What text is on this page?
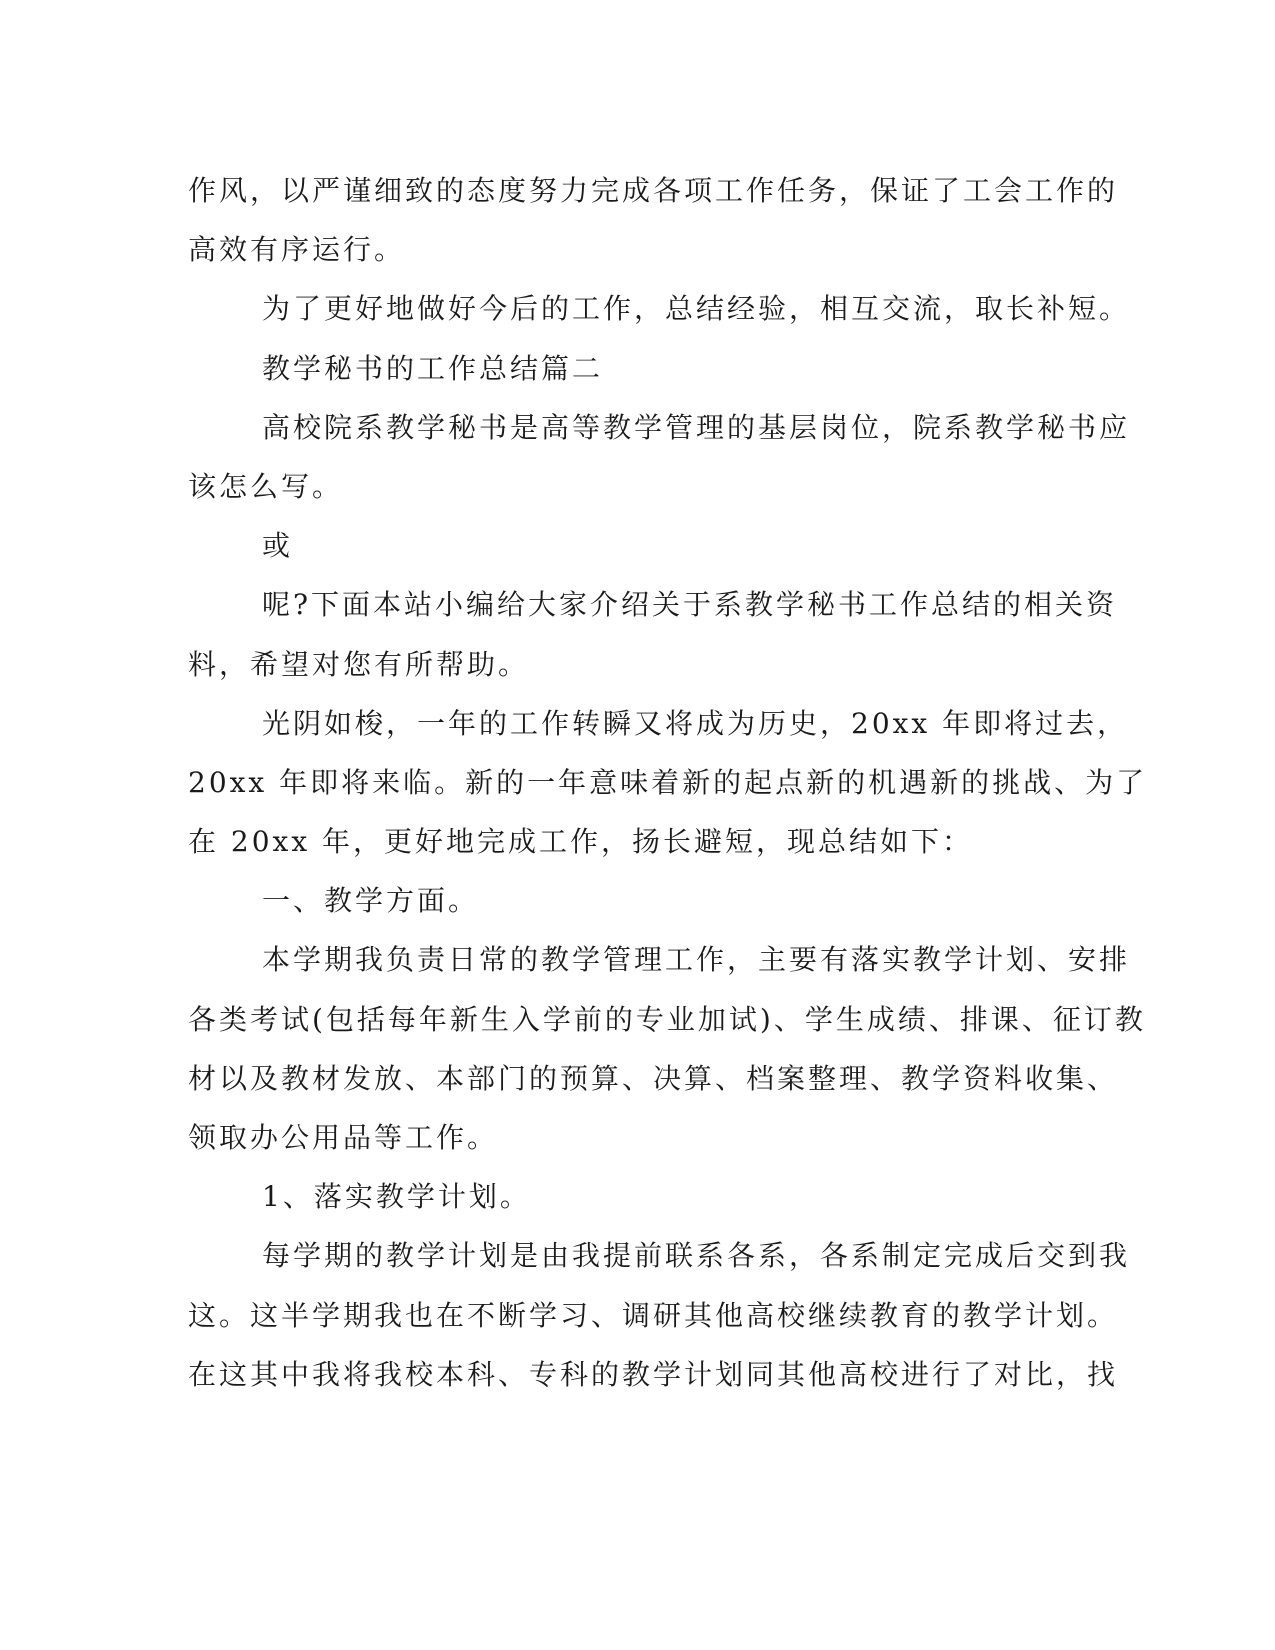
作风，以严谨细致的态度努力完成各项工作任务，保证了工会工作的
高效有序运行。
为了更好地做好今后的工作，总结经验，相互交流，取长补短。
教学秘书的工作总结篇二
高校院系教学秘书是高等教学管理的基层岗位，院系教学秘书应
该怎么写。
或
呢?下面本站小编给大家介绍关于系教学秘书工作总结的相关资
料，希望对您有所帮助。
光阴如梭，一年的工作转瞬又将成为历史，20xx 年即将过去，
20xx 年即将来临。新的一年意味着新的起点新的机遇新的挑战、为了
在 20xx 年，更好地完成工作，扬长避短，现总结如下：
一、教学方面。
本学期我负责日常的教学管理工作，主要有落实教学计划、安排
各类考试(包括每年新生入学前的专业加试)、学生成绩、排课、征订教
材以及教材发放、本部门的预算、决算、档案整理、教学资料收集、
领取办公用品等工作。
1、落实教学计划。
每学期的教学计划是由我提前联系各系，各系制定完成后交到我
这。这半学期我也在不断学习、调研其他高校继续教育的教学计划。
在这其中我将我校本科、专科的教学计划同其他高校进行了对比，找
